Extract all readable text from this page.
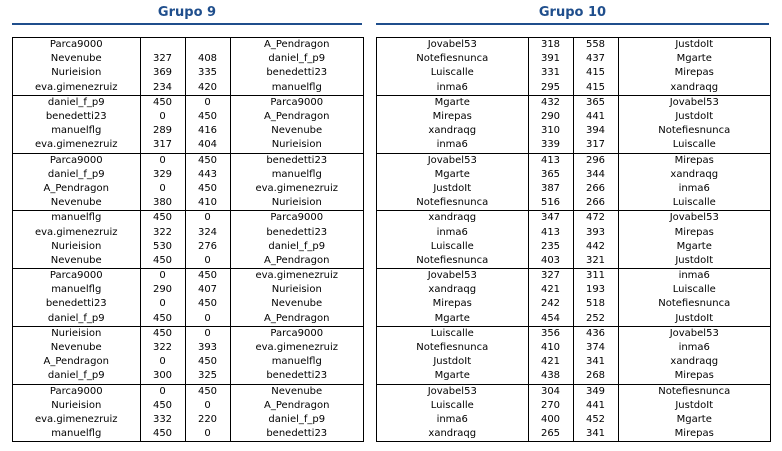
Grupo 9	Grupo 10
Parca9000			A_Pendragon
Nevenube	327	408	daniel_f_p9
Nurieision	369	335	benedetti23
eva.gimenezruiz	234	420	manuelflg
daniel_f_p9	450	0	Parca9000
benedetti23	0	450	A_Pendragon
manuelflg	289	416	Nevenube
eva.gimenezruiz	317	404	Nurieision
Parca9000	0	450	benedetti23
daniel_f_p9	329	443	manuelflg
A_Pendragon	0	450	eva.gimenezruiz
Nevenube	380	410	Nurieision
manuelflg	450	0	Parca9000
eva.gimenezruiz	322	324	benedetti23
Nurieision	530	276	daniel_f_p9
Nevenube	450	0	A_Pendragon
Parca9000	0	450	eva.gimenezruiz
manuelflg	290	407	Nurieision
benedetti23	0	450	Nevenube
daniel_f_p9	450	0	A_Pendragon
Nurieision	450	0	Parca9000
Nevenube	322	393	eva.gimenezruiz
A_Pendragon	0	450	manuelflg
daniel_f_p9	300	325	benedetti23
Parca9000	0	450	Nevenube
Nurieision	450	0	A_Pendragon
eva.gimenezruiz	332	220	daniel_f_p9
manuelflg	450	0	benedetti23
Jovabel53	318	558	JustdoIt
Notefiesnunca	391	437	Mgarte
Luiscalle	331	415	Mirepas
inma6	295	415	xandraqg
Mgarte	432	365	Jovabel53
Mirepas	290	441	JustdoIt
xandraqg	310	394	Notefiesnunca
inma6	339	317	Luiscalle
Jovabel53	413	296	Mirepas
Mgarte	365	344	xandraqg
JustdoIt	387	266	inma6
Notefiesnunca	516	266	Luiscalle
xandraqg	347	472	Jovabel53
inma6	413	393	Mirepas
Luiscalle	235	442	Mgarte
Notefiesnunca	403	321	JustdoIt
Jovabel53	327	311	inma6
xandraqg	421	193	Luiscalle
Mirepas	242	518	Notefiesnunca
Mgarte	454	252	JustdoIt
Luiscalle	356	436	Jovabel53
Notefiesnunca	410	374	inma6
JustdoIt	421	341	xandraqg
Mgarte	438	268	Mirepas
Jovabel53	304	349	Notefiesnunca
Luiscalle	270	441	JustdoIt
inma6	400	452	Mgarte
xandraqg	265	341	Mirepas
